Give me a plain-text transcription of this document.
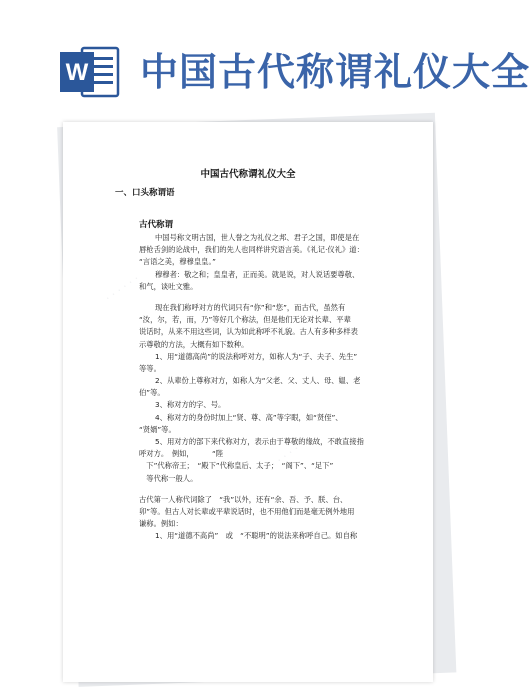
W 中国古代称谓礼仪大全
· · · · · ·
· · · · · ·
中国古代称谓礼仪大全
一、口头称谓语
古代称谓
中国号称文明古国，世人誉之为礼仪之邦、君子之国，即使是在
唇枪舌剑的论战中，我们的先人也同样讲究语言美。《礼记·仪礼》道：
“言语之美，穆穆皇皇。”
穆穆者：敬之和；皇皇者，正而美。就是说，对人说话要尊敬、
和气，谈吐文雅。
现在我们称呼对方的代词只有“你”和“您”，而古代，虽然有
“汝，尔，若，而，乃”等好几个称法，但是他们无论对长辈、平辈
说话时，从来不用这些词，认为如此称呼不礼貌。古人有多种多样表
示尊敬的方法，大概有如下数种。
1、用“道德高尚”的说法称呼对方，如称人为“子、夫子、先生”
等等。
2、从辈份上尊称对方，如称人为“父老、父、丈人、母、媪、老
伯”等。
3、称对方的字、号。
4、称对方的身份时加上“贤、尊、高”等字眼，如“贤侄”、
“贤婿”等。
5、用对方的部下来代称对方，表示由于尊敬的缘故，不敢直接指
呼对方。　例如，　　　“陛
　下”代称帝王；　“殿下”代称皇后、太子；　“阁下”、“足下”
　等代称一般人。
古代第一人称代词除了　“我”以外，还有“余、吾、予、朕、台、
卯”等。但古人对长辈或平辈说话时，也不用他们而是毫无例外地用
谦称。例如：
1、用“道德不高尚”　或　“不聪明”的说法来称呼自己。如自称
